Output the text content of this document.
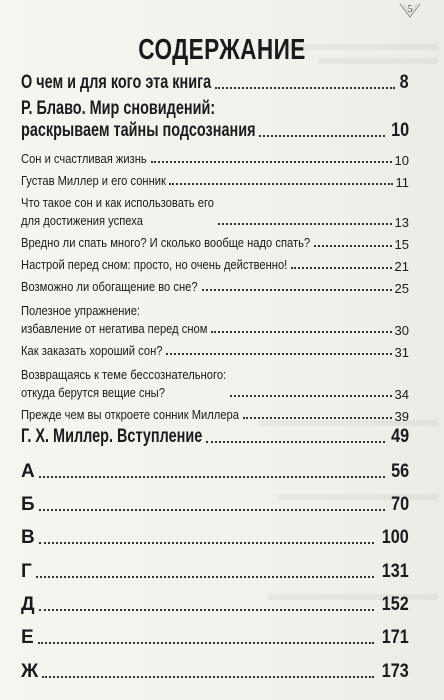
5
СОДЕРЖАНИЕ
О чем и для кого эта книга	8
Р. Блаво. Мир сновидений:
раскрываем тайны подсознания	10
Сон и счастливая жизнь	10
Густав Миллер и его сонник	11
Что такое сон и как использовать его
для достижения успеха	13
Вредно ли спать много? И сколько вообще надо спать?	15
Настрой перед сном: просто, но очень действенно!	21
Возможно ли обогащение во сне?	25
Полезное упражнение:
избавление от негатива перед сном	30
Как заказать хороший сон?	31
Возвращаясь к теме бессознательного:
откуда берутся вещие сны?	34
Прежде чем вы откроете сонник Миллера	39
Г. Х. Миллер. Вступление	49
А	56
Б	70
В	100
Г	131
Д	152
Е	171
Ж	173
